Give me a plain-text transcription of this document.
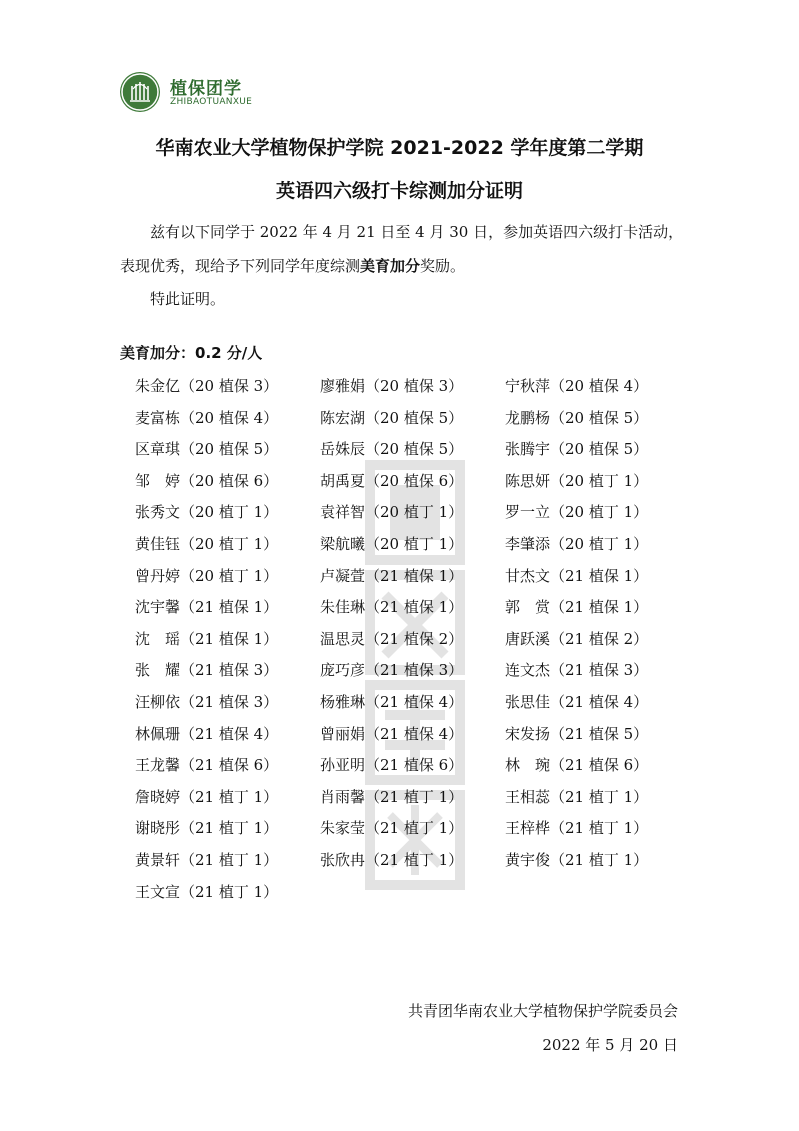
植保团学
ZHIBAOTUANXUE
华南农业大学植物保护学院 2021-2022 学年度第二学期
英语四六级打卡综测加分证明
兹有以下同学于 2022 年 4 月 21 日至 4 月 30 日，参加英语四六级打卡活动，表现优秀，现给予下列同学年度综测美育加分奖励。
特此证明。
美育加分：0.2 分/人
朱金亿（20 植保 3）	廖雅娟（20 植保 3）	宁秋萍（20 植保 4）
麦富栋（20 植保 4）	陈宏湖（20 植保 5）	龙鹏杨（20 植保 5）
区章琪（20 植保 5）	岳姝辰（20 植保 5）	张腾宇（20 植保 5）
邹　婷（20 植保 6）	胡禹夏（20 植保 6）	陈思妍（20 植丁 1）
张秀文（20 植丁 1）	袁祥智（20 植丁 1）	罗一立（20 植丁 1）
黄佳钰（20 植丁 1）	梁航曦（20 植丁 1）	李肇添（20 植丁 1）
曾丹婷（20 植丁 1）	卢凝萱（21 植保 1）	甘杰文（21 植保 1）
沈宇馨（21 植保 1）	朱佳琳（21 植保 1）	郭　赏（21 植保 1）
沈　瑶（21 植保 1）	温思灵（21 植保 2）	唐跃溪（21 植保 2）
张　耀（21 植保 3）	庞巧彦（21 植保 3）	连文杰（21 植保 3）
汪柳依（21 植保 3）	杨雅琳（21 植保 4）	张思佳（21 植保 4）
林佩珊（21 植保 4）	曾丽娟（21 植保 4）	宋发扬（21 植保 5）
王龙馨（21 植保 6）	孙亚明（21 植保 6）	林　琬（21 植保 6）
詹晓婷（21 植丁 1）	肖雨馨（21 植丁 1）	王相蕊（21 植丁 1）
谢晓彤（21 植丁 1）	朱家莹（21 植丁 1）	王梓桦（21 植丁 1）
黄景轩（21 植丁 1）	张欣冉（21 植丁 1）	黄宇俊（21 植丁 1）
王文宣（21 植丁 1）
共青团华南农业大学植物保护学院委员会
2022 年 5 月 20 日
